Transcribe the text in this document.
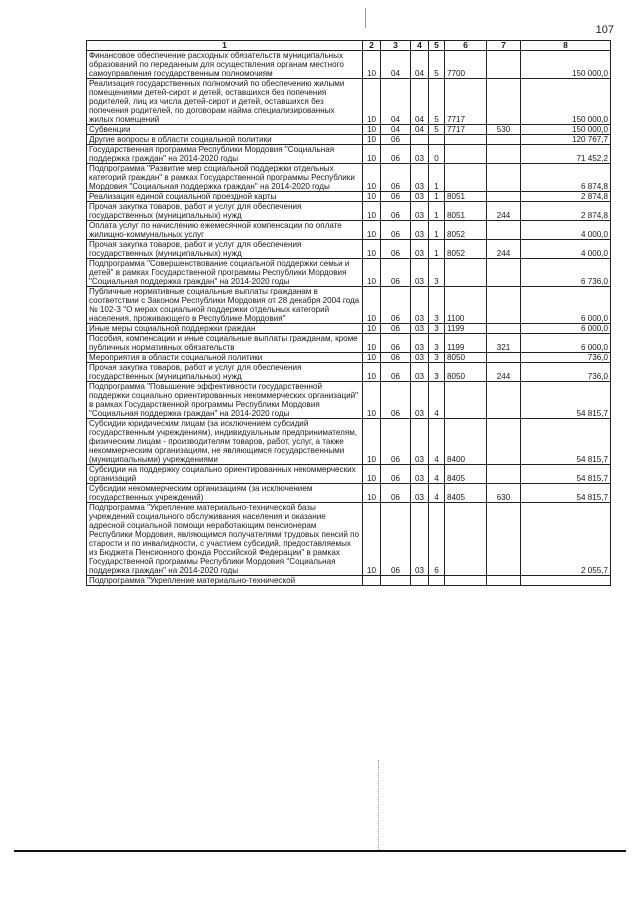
107
1	2	3	4	5	6	7	8
Финансовое обеспечение расходных обязательств муниципальных образований по переданным для осуществления органам местного самоуправления государственным полномочиям	10	04	04	5	7700		150 000,0
Реализация государственных полномочий по обеспечению жилыми помещениями детей-сирот и детей, оставшихся без попечения родителей, лиц из числа детей-сирот и детей, оставшихся без попечения родителей, по договорам найма специализированных жилых помещений	10	04	04	5	7717		150 000,0
Субвенции	10	04	04	5	7717	530	150 000,0
Другие вопросы в области социальной политики	10	06					120 767,7
Государственная программа Республики Мордовия "Социальная поддержка граждан" на 2014-2020 годы	10	06	03	0			71 452,2
Подпрограмма "Развитие мер социальной поддержки отдельных категорий граждан" в рамках Государственной программы Республики Мордовия "Социальная поддержка граждан" на 2014-2020 годы	10	06	03	1			6 874,8
Реализация единой социальной проездной карты	10	06	03	1	8051		2 874,8
Прочая закупка товаров, работ и услуг для обеспечения государственных (муниципальных) нужд	10	06	03	1	8051	244	2 874,8
Оплата услуг по начислению ежемесячной компенсации по оплате жилищно-коммунальных услуг	10	06	03	1	8052		4 000,0
Прочая закупка товаров, работ и услуг для обеспечения государственных (муниципальных) нужд	10	06	03	1	8052	244	4 000,0
Подпрограмма "Совершенствование социальной поддержки семьи и детей" в рамках Государственной программы Республики Мордовия "Социальная поддержка граждан" на 2014-2020 годы	10	06	03	3			6 736,0
Публичные нормативные социальные выплаты гражданам в соответствии с Законом Республики Мордовия от 28 декабря 2004 года № 102-З "О мерах социальной поддержки отдельных категорий населения, проживающего в Республике Мордовия"	10	06	03	3	1100		6 000,0
Иные меры социальной поддержки граждан	10	06	03	3	1199		6 000,0
Пособия, компенсации и иные социальные выплаты гражданам, кроме публичных нормативных обязательств	10	06	03	3	1199	321	6 000,0
Мероприятия в области социальной политики	10	06	03	3	8050		736,0
Прочая закупка товаров, работ и услуг для обеспечения государственных (муниципальных) нужд	10	06	03	3	8050	244	736,0
Подпрограмма "Повышение эффективности государственной поддержки социально ориентированных некоммерческих организаций" в рамках Государственной программы Республики Мордовия "Социальная поддержка граждан" на 2014-2020 годы	10	06	03	4			54 815,7
Субсидии юридическим лицам (за исключением субсидий государственным учреждениям), индивидуальным предпринимателям, физическим лицам - производителям товаров, работ, услуг, а также некоммерческим организациям, не являющимся государственными (муниципальными) учреждениями	10	06	03	4	8400		54 815,7
Субсидии на поддержку социально ориентированных некоммерческих организаций	10	06	03	4	8405		54 815,7
Субсидии некоммерческим организациям (за исключением государственных учреждений)	10	06	03	4	8405	630	54 815,7
Подпрограмма "Укрепление материально-технической базы учреждений социального обслуживания населения и оказание адресной социальной помощи неработающим пенсионерам Республики Мордовия, являющимся получателями трудовых пенсий по старости и по инвалидности, с участием субсидий, предоставляемых из Бюджета Пенсионного фонда Российской Федерации" в рамках Государственной программы Республики Мордовия "Социальная поддержка граждан" на 2014-2020 годы	10	06	03	6			2 055,7
Подпрограмма "Укрепление материально-технической							
